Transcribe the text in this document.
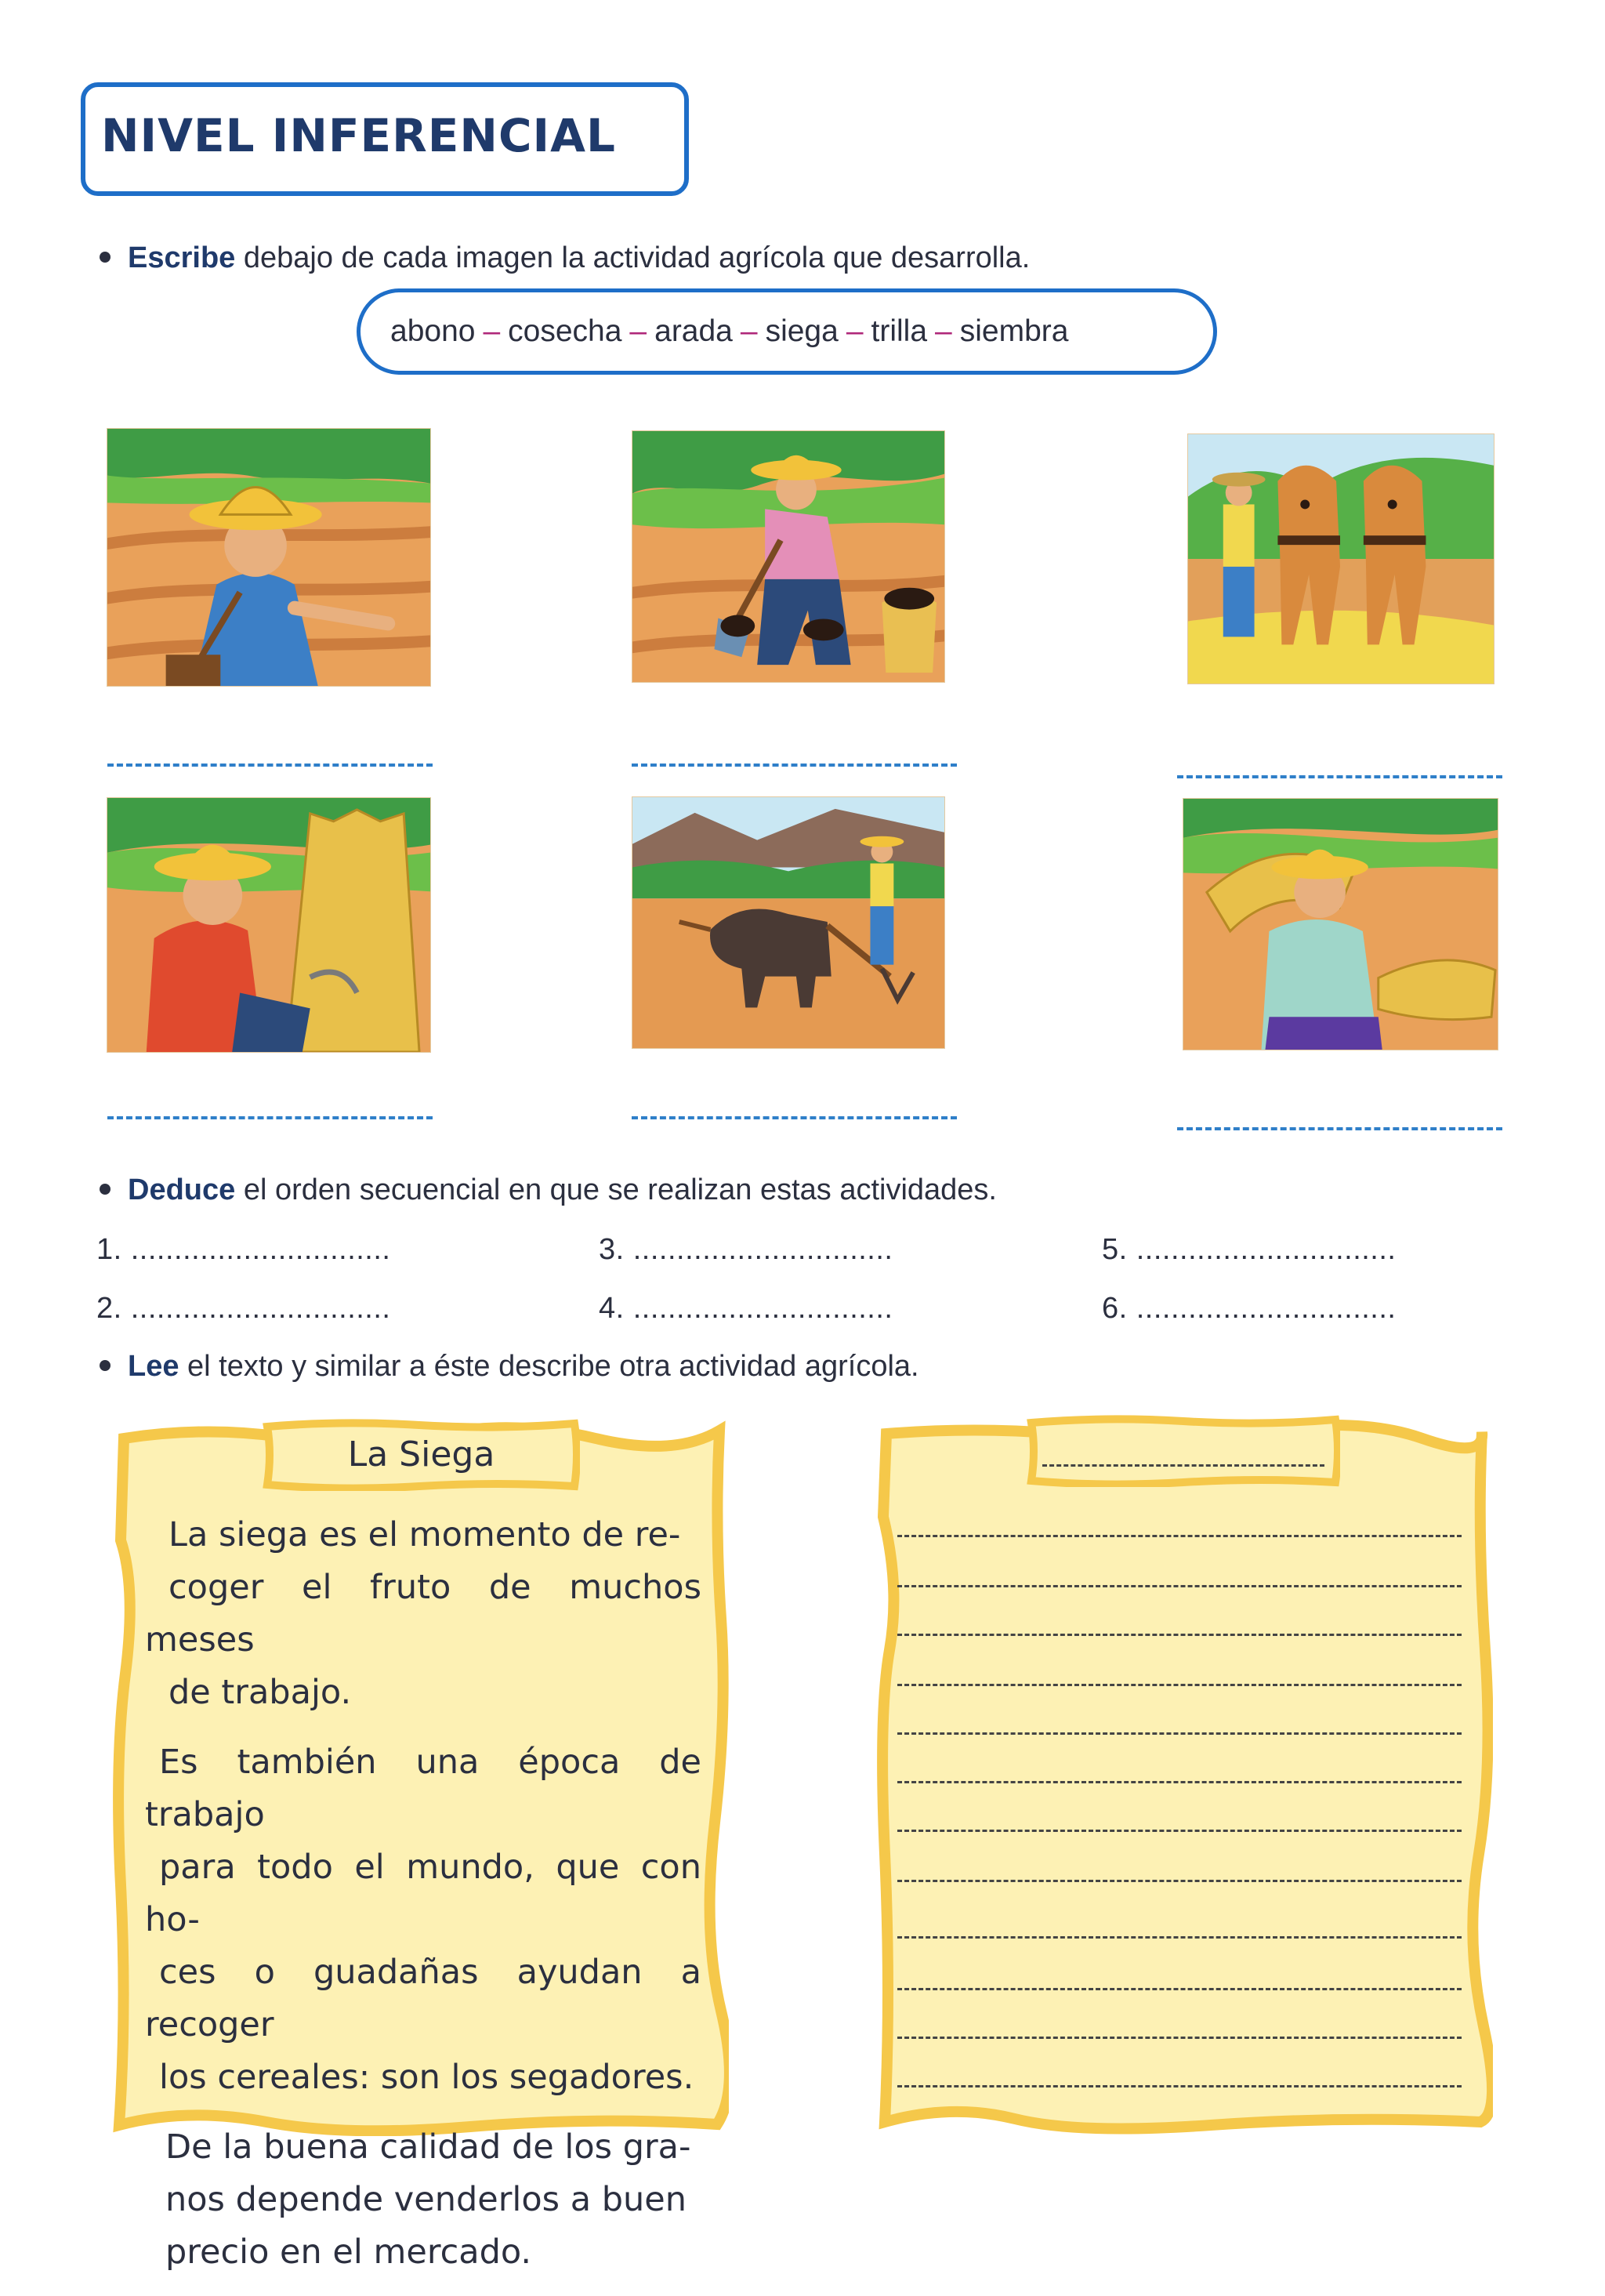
NIVEL INFERENCIAL
Escribe debajo de cada imagen la actividad agrícola que desarrolla.
abono – cosecha – arada – siega – trilla – siembra
Deduce el orden secuencial en que se realizan estas actividades.
1. ..............................
2. ..............................
3. ..............................
4. ..............................
5. ..............................
6. ..............................
Lee el texto y similar a éste describe otra actividad agrícola.
La Siega

La siega es el momento de re-
coger el fruto de muchos meses
de trabajo.

Es también una época de trabajo
para todo el mundo, que con ho-
ces o guadañas ayudan a recoger
los cereales: son los segadores.

De la buena calidad de los gra-
nos depende venderlos a buen
precio en el mercado.
